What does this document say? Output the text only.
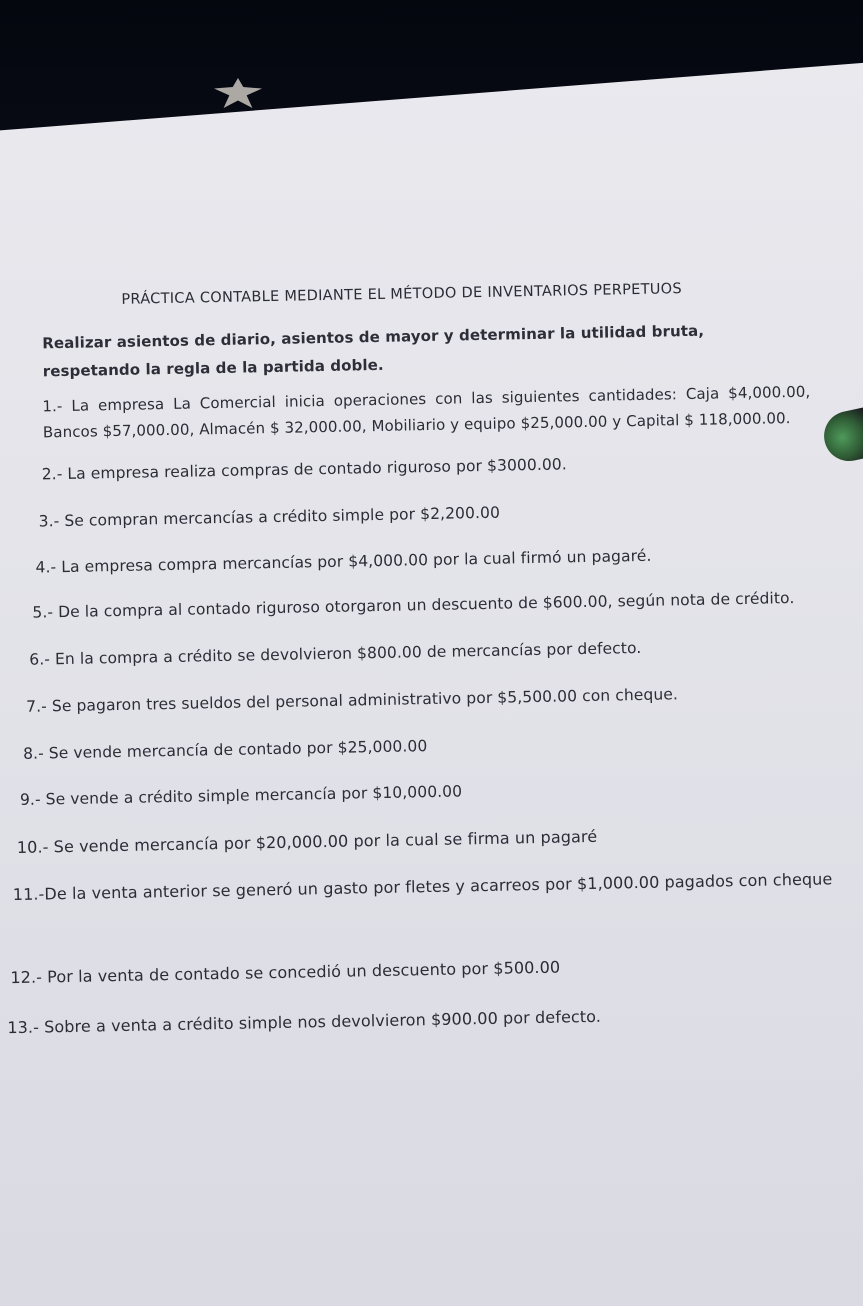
PRÁCTICA CONTABLE MEDIANTE EL MÉTODO DE INVENTARIOS PERPETUOS
Realizar asientos de diario, asientos de mayor y determinar la utilidad bruta, respetando la regla de la partida doble.
1.- La empresa La Comercial inicia operaciones con las siguientes cantidades: Caja $4,000.00, Bancos $57,000.00, Almacén $ 32,000.00, Mobiliario y equipo $25,000.00 y Capital $ 118,000.00.
2.- La empresa realiza compras de contado riguroso por $3000.00.
3.- Se compran mercancías a crédito simple por $2,200.00
4.- La empresa compra mercancías por $4,000.00 por la cual firmó un pagaré.
5.- De la compra al contado riguroso otorgaron un descuento de $600.00, según nota de crédito.
6.- En la compra a crédito se devolvieron $800.00 de mercancías por defecto.
7.- Se pagaron tres sueldos del personal administrativo por $5,500.00 con cheque.
8.- Se vende mercancía de contado por $25,000.00
9.- Se vende a crédito simple mercancía por $10,000.00
10.- Se vende mercancía por $20,000.00 por la cual se firma un pagaré
11.-De la venta anterior se generó un gasto por fletes y acarreos por $1,000.00 pagados con cheque
12.- Por la venta de contado se concedió un descuento por $500.00
13.- Sobre a venta a crédito simple nos devolvieron $900.00 por defecto.
